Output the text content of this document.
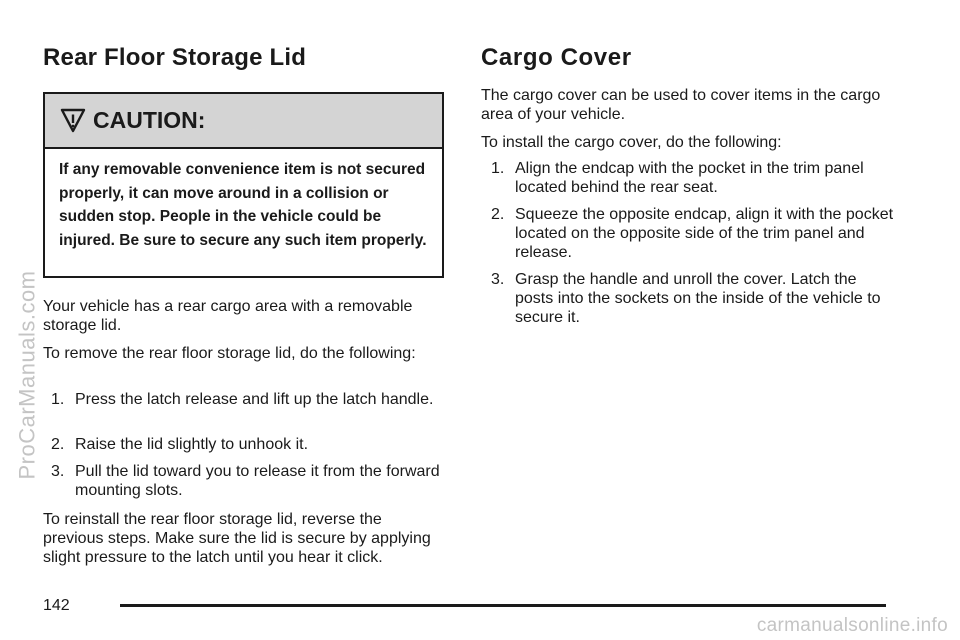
Rear Floor Storage Lid
CAUTION:
If any removable convenience item is not secured properly, it can move around in a collision or sudden stop. People in the vehicle could be injured. Be sure to secure any such item properly.

Your vehicle has a rear cargo area with a removable storage lid.

To remove the rear floor storage lid, do the following:

1. Press the latch release and lift up the latch handle.
2. Raise the lid slightly to unhook it.
3. Pull the lid toward you to release it from the forward mounting slots.

To reinstall the rear floor storage lid, reverse the previous steps. Make sure the lid is secure by applying slight pressure to the latch until you hear it click.

Cargo Cover

The cargo cover can be used to cover items in the cargo area of your vehicle.

To install the cargo cover, do the following:

1. Align the endcap with the pocket in the trim panel located behind the rear seat.
2. Squeeze the opposite endcap, align it with the pocket located on the opposite side of the trim panel and release.
3. Grasp the handle and unroll the cover. Latch the posts into the sockets on the inside of the vehicle to secure it.
ProCarManuals.com
142
carmanualsonline.info
